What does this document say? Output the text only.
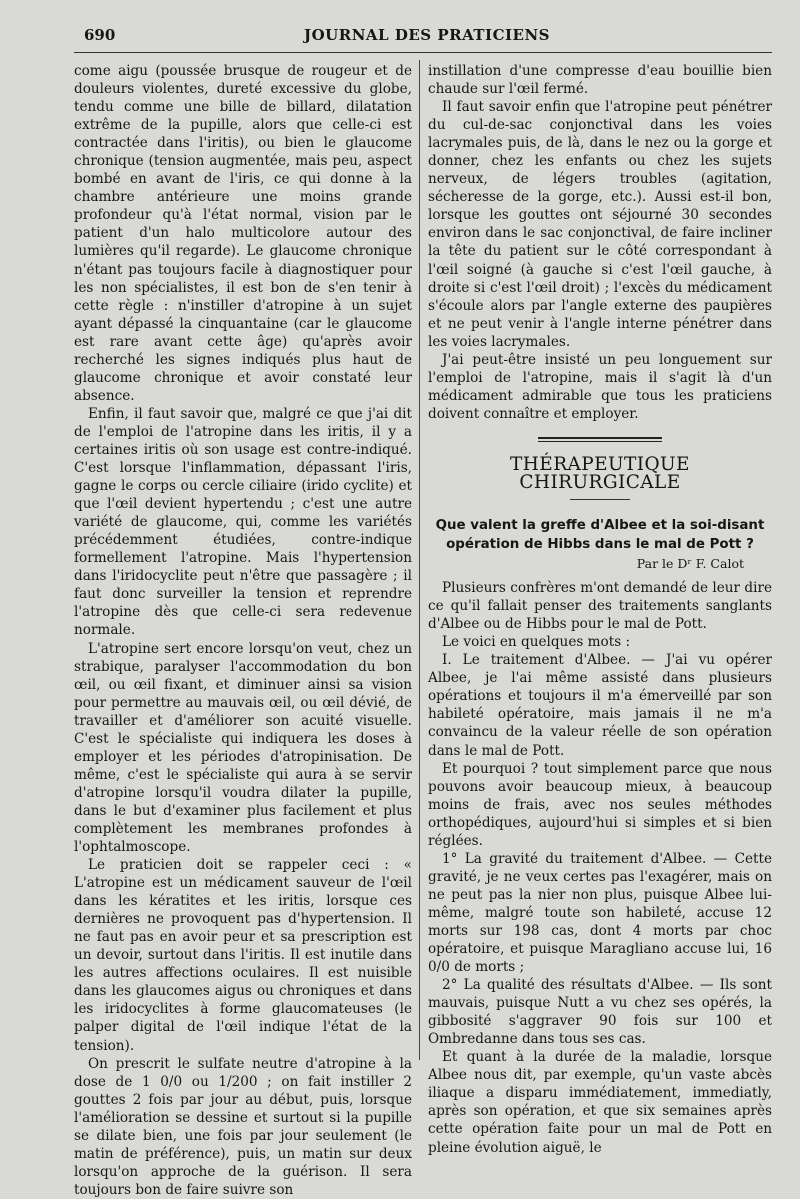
690	JOURNAL DES PRATICIENS

come aigu (poussée brusque de rougeur et de douleurs violentes, dureté excessive du globe, tendu comme une bille de billard, dilatation extrême de la pupille, alors que celle-ci est contractée dans l'iritis), ou bien le glaucome chronique (tension augmentée, mais peu, aspect bombé en avant de l'iris, ce qui donne à la chambre antérieure une moins grande profondeur qu'à l'état normal, vision par le patient d'un halo multicolore autour des lumières qu'il regarde). Le glaucome chronique n'étant pas toujours facile à diagnostiquer pour les non spécialistes, il est bon de s'en tenir à cette règle : n'instiller d'atropine à un sujet ayant dépassé la cinquantaine (car le glaucome est rare avant cette âge) qu'après avoir recherché les signes indiqués plus haut de glaucome chronique et avoir constaté leur absence.

Enfin, il faut savoir que, malgré ce que j'ai dit de l'emploi de l'atropine dans les iritis, il y a certaines iritis où son usage est contre-indiqué. C'est lorsque l'inflammation, dépassant l'iris, gagne le corps ou cercle ciliaire (irido cyclite) et que l'œil devient hypertendu ; c'est une autre variété de glaucome, qui, comme les variétés précédemment étudiées, contre-indique formellement l'atropine. Mais l'hypertension dans l'iridocyclite peut n'être que passagère ; il faut donc surveiller la tension et reprendre l'atropine dès que celle-ci sera redevenue normale.

L'atropine sert encore lorsqu'on veut, chez un strabique, paralyser l'accommodation du bon œil, ou œil fixant, et diminuer ainsi sa vision pour permettre au mauvais œil, ou œil dévié, de travailler et d'améliorer son acuité visuelle. C'est le spécialiste qui indiquera les doses à employer et les périodes d'atropinisation. De même, c'est le spécialiste qui aura à se servir d'atropine lorsqu'il voudra dilater la pupille, dans le but d'examiner plus facilement et plus complètement les membranes profondes à l'ophtalmoscope.

Le praticien doit se rappeler ceci : « L'atropine est un médicament sauveur de l'œil dans les kératites et les iritis, lorsque ces dernières ne provoquent pas d'hypertension. Il ne faut pas en avoir peur et sa prescription est un devoir, surtout dans l'iritis. Il est inutile dans les autres affections oculaires. Il est nuisible dans les glaucomes aigus ou chroniques et dans les iridocyclites à forme glaucomateuses (le palper digital de l'œil indique l'état de la tension).

On prescrit le sulfate neutre d'atropine à la dose de 1 0/0 ou 1/200 ; on fait instiller 2 gouttes 2 fois par jour au début, puis, lorsque l'amélioration se dessine et surtout si la pupille se dilate bien, une fois par jour seulement (le matin de préférence), puis, un matin sur deux lorsqu'on approche de la guérison. Il sera toujours bon de faire suivre son

instillation d'une compresse d'eau bouillie bien chaude sur l'œil fermé.

Il faut savoir enfin que l'atropine peut pénétrer du cul-de-sac conjonctival dans les voies lacrymales puis, de là, dans le nez ou la gorge et donner, chez les enfants ou chez les sujets nerveux, de légers troubles (agitation, sécheresse de la gorge, etc.). Aussi est-il bon, lorsque les gouttes ont séjourné 30 secondes environ dans le sac conjonctival, de faire incliner la tête du patient sur le côté correspondant à l'œil soigné (à gauche si c'est l'œil gauche, à droite si c'est l'œil droit) ; l'excès du médicament s'écoule alors par l'angle externe des paupières et ne peut venir à l'angle interne pénétrer dans les voies lacrymales.

J'ai peut-être insisté un peu longuement sur l'emploi de l'atropine, mais il s'agit là d'un médicament admirable que tous les praticiens doivent connaître et employer.

THÉRAPEUTIQUE CHIRURGICALE
Que valent la greffe d'Albee et la soi-disant opération de Hibbs dans le mal de Pott ?
Par le Dʳ F. Calot

Plusieurs confrères m'ont demandé de leur dire ce qu'il fallait penser des traitements sanglants d'Albee ou de Hibbs pour le mal de Pott.

Le voici en quelques mots :

I. Le traitement d'Albee. — J'ai vu opérer Albee, je l'ai même assisté dans plusieurs opérations et toujours il m'a émerveillé par son habileté opératoire, mais jamais il ne m'a convaincu de la valeur réelle de son opération dans le mal de Pott.

Et pourquoi ? tout simplement parce que nous pouvons avoir beaucoup mieux, à beaucoup moins de frais, avec nos seules méthodes orthopédiques, aujourd'hui si simples et si bien réglées.

1° La gravité du traitement d'Albee. — Cette gravité, je ne veux certes pas l'exagérer, mais on ne peut pas la nier non plus, puisque Albee lui-même, malgré toute son habileté, accuse 12 morts sur 198 cas, dont 4 morts par choc opératoire, et puisque Maragliano accuse lui, 16 0/0 de morts ;

2° La qualité des résultats d'Albee. — Ils sont mauvais, puisque Nutt a vu chez ses opérés, la gibbosité s'aggraver 90 fois sur 100 et Ombredanne dans tous ses cas.

Et quant à la durée de la maladie, lorsque Albee nous dit, par exemple, qu'un vaste abcès iliaque a disparu immédiatement, immediatly, après son opération, et que six semaines après cette opération faite pour un mal de Pott en pleine évolution aiguë, le
